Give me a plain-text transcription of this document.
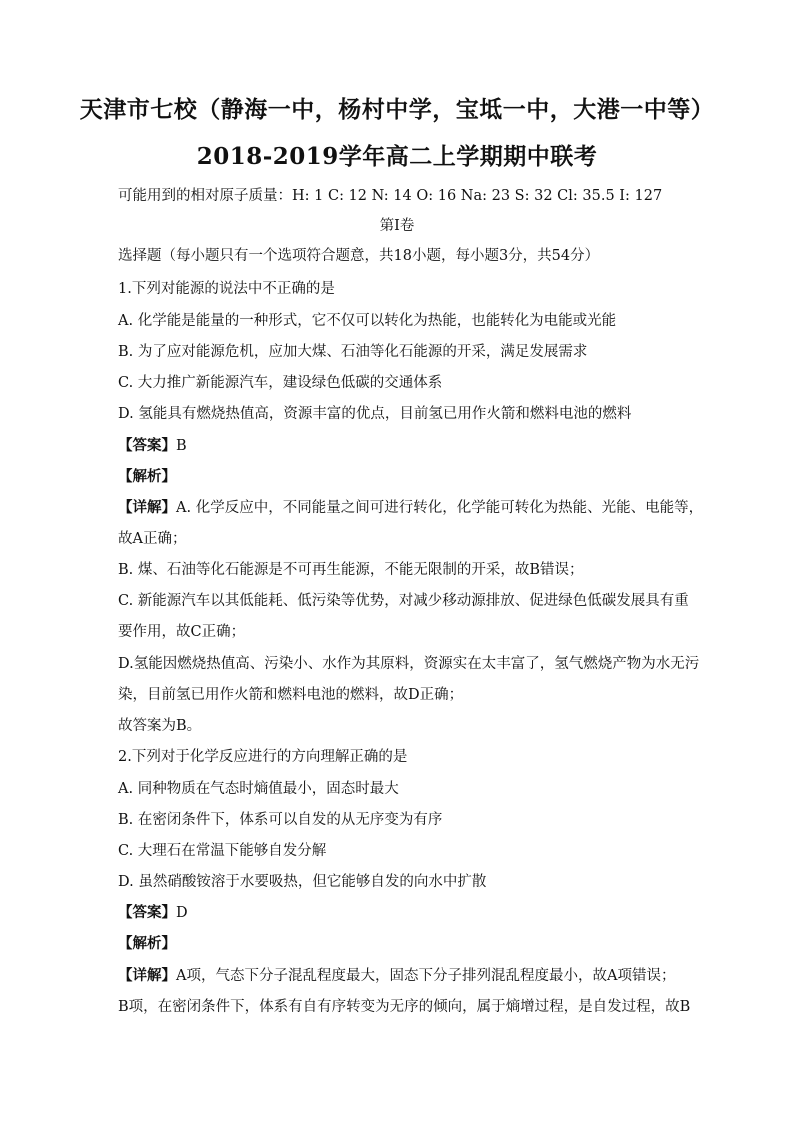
天津市七校（静海一中，杨村中学，宝坻一中，大港一中等）
2018-2019学年高二上学期期中联考
可能用到的相对原子质量：H: 1 C: 12 N: 14 O: 16 Na: 23 S: 32 Cl: 35.5 I: 127
第Ⅰ卷
选择题（每小题只有一个选项符合题意，共18小题，每小题3分，共54分）
1.下列对能源的说法中不正确的是
A. 化学能是能量的一种形式，它不仅可以转化为热能，也能转化为电能或光能
B. 为了应对能源危机，应加大煤、石油等化石能源的开采，满足发展需求
C. 大力推广新能源汽车，建设绿色低碳的交通体系
D. 氢能具有燃烧热值高，资源丰富的优点，目前氢已用作火箭和燃料电池的燃料
【答案】B
【解析】
【详解】A. 化学反应中，不同能量之间可进行转化，化学能可转化为热能、光能、电能等，
故A正确；
B. 煤、石油等化石能源是不可再生能源，不能无限制的开采，故B错误；
C. 新能源汽车以其低能耗、低污染等优势，对减少移动源排放、促进绿色低碳发展具有重
要作用，故C正确；
D.氢能因燃烧热值高、污染小、水作为其原料，资源实在太丰富了，氢气燃烧产物为水无污
染，目前氢已用作火箭和燃料电池的燃料，故D正确；
故答案为B。
2.下列对于化学反应进行的方向理解正确的是
A. 同种物质在气态时熵值最小，固态时最大
B. 在密闭条件下，体系可以自发的从无序变为有序
C. 大理石在常温下能够自发分解
D. 虽然硝酸铵溶于水要吸热，但它能够自发的向水中扩散
【答案】D
【解析】
【详解】A项，气态下分子混乱程度最大，固态下分子排列混乱程度最小，故A项错误；
B项，在密闭条件下，体系有自有序转变为无序的倾向，属于熵增过程，是自发过程，故B
